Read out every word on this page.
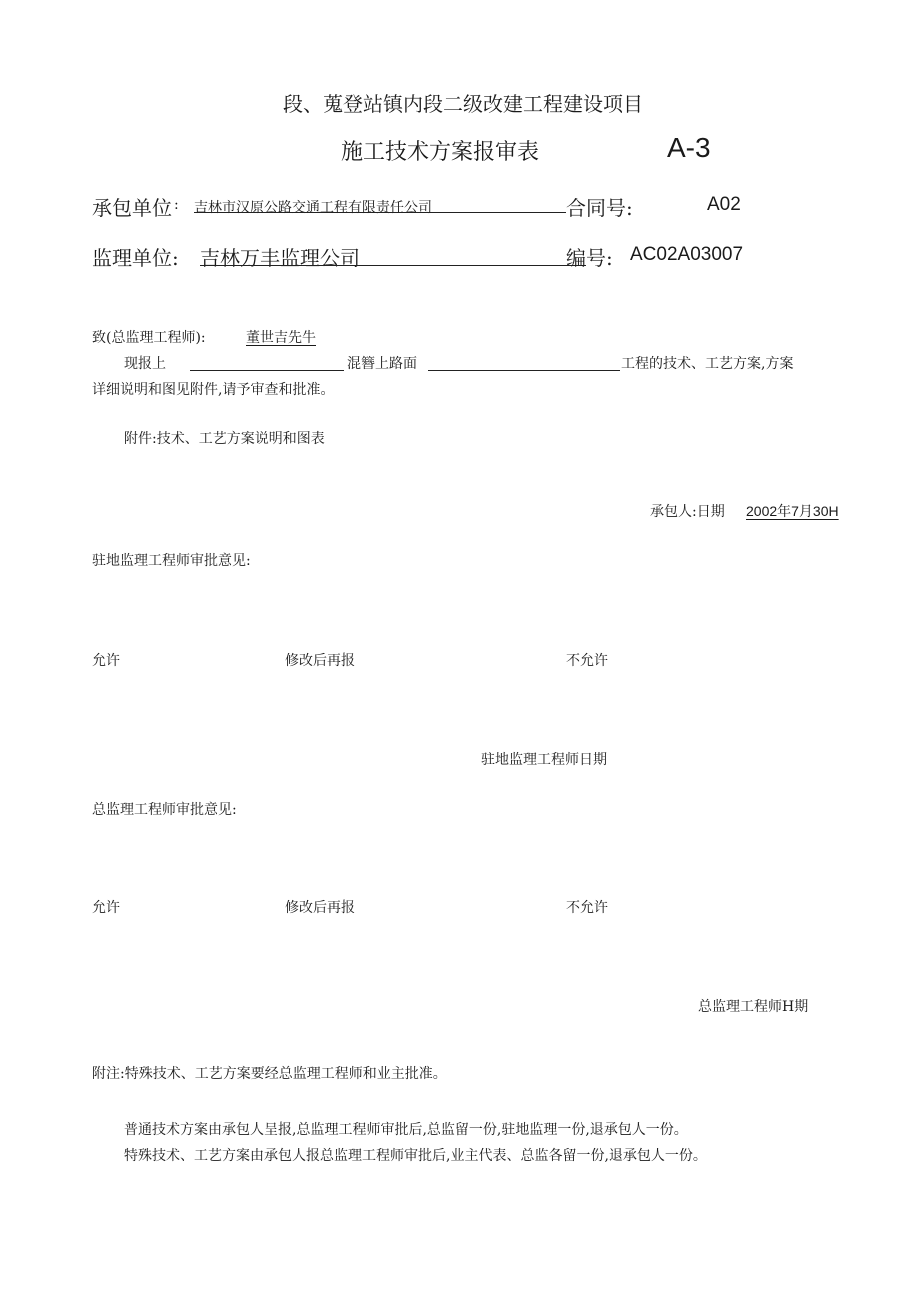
段、蒐登站镇内段二级改建工程建设项目
施工技术方案报审表	A-3
承包单位 : 吉林市汉原公路交通工程有限责任公司	合同号:	A02
监理单位: 吉林万丰监理公司	编号: AC02A03007
致(总监理工程师):	董世吉先牛
现报上	混簪上路面	工程的技术、工艺方案,方案
详细说明和图见附件,请予审查和批准。
附件:技术、工艺方案说明和图表
承包人:日期 2002年7月30H
驻地监理工程师审批意见:
允许	修改后再报	不允许
驻地监理工程师日期
总监理工程师审批意见:
允许	修改后再报	不允许
总监理工程师H期
附注:特殊技术、工艺方案要经总监理工程师和业主批准。
普通技术方案由承包人呈报,总监理工程师审批后,总监留一份,驻地监理一份,退承包人一份。
特殊技术、工艺方案由承包人报总监理工程师审批后,业主代表、总监各留一份,退承包人一份。
